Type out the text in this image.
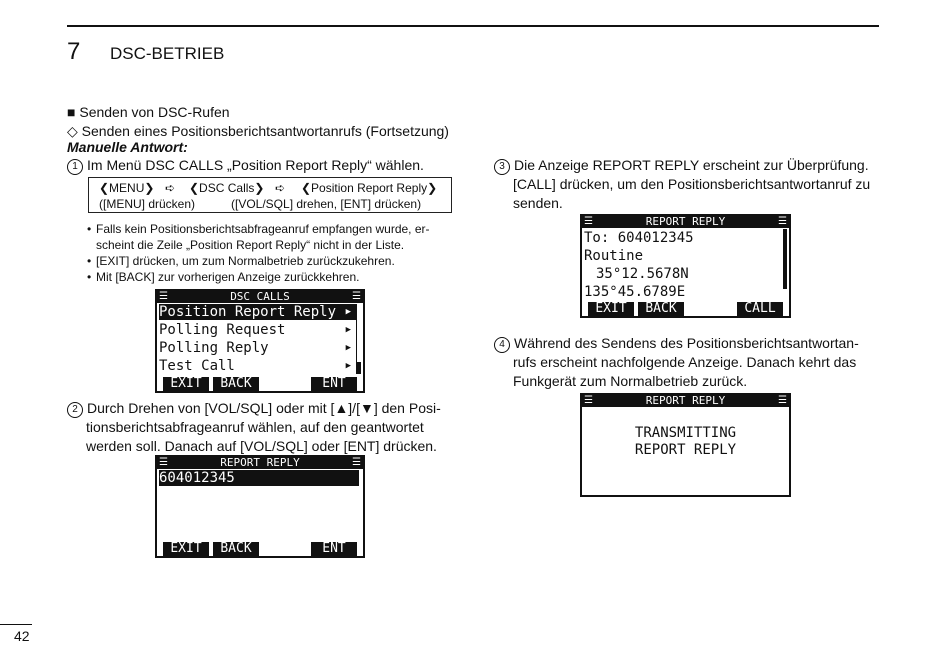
7 DSC-BETRIEB
■ Senden von DSC-Rufen
◇ Senden eines Positionsberichtsantwortanrufs (Fortsetzung)
Manuelle Antwort:
1 Im Menü DSC CALLS „Position Report Reply“ wählen.
❮MENU❯ ➪ ❮DSC Calls❯ ➪ ❮Position Report Reply❯
([MENU] drücken)	([VOL/SQL] drehen, [ENT] drücken)
• Falls kein Positionsberichtsabfrageanruf empfangen wurde, er-
scheint die Zeile „Position Report Reply“ nicht in der Liste.
• [EXIT] drücken, um zum Normalbetrieb zurückzukehren.
• Mit [BACK] zur vorherigen Anzeige zurückkehren.
☰	DSC CALLS	☰
Position Report Reply ▶
Polling Request	▶
Polling Reply	▶
Test Call	▶
EXIT	BACK	ENT
2 Durch Drehen von [VOL/SQL] oder mit [▲]/[▼] den Posi-
tionsberichtsabfrageanruf wählen, auf den geantwortet
werden soll. Danach auf [VOL/SQL] oder [ENT] drücken.
☰	REPORT REPLY	☰
604012345
EXIT	BACK	ENT
3 Die Anzeige REPORT REPLY erscheint zur Überprüfung.
[CALL] drücken, um den Positionsberichtsantwortanruf zu
senden.
☰	REPORT REPLY	☰
To: 604012345
Routine
35°12.5678N
135°45.6789E
EXIT	BACK	CALL
4 Während des Sendens des Positionsberichtsantwortan-
rufs erscheint nachfolgende Anzeige. Danach kehrt das
Funkgerät zum Normalbetrieb zurück.
☰	REPORT REPLY	☰
TRANSMITTING
REPORT REPLY
42
